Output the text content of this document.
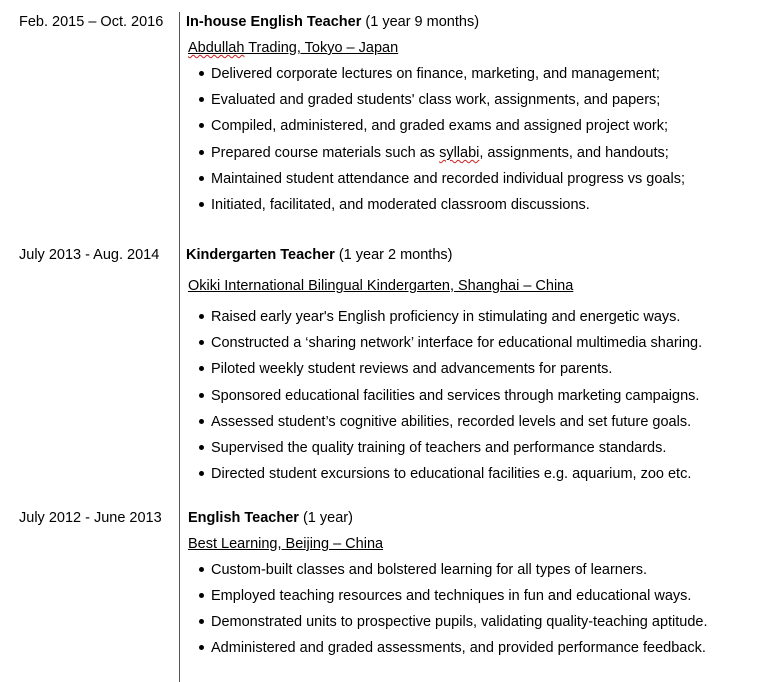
Feb. 2015 – Oct. 2016 In-house English Teacher (1 year 9 months)
Abdullah Trading, Tokyo – Japan
Delivered corporate lectures on finance, marketing, and management;
Evaluated and graded students' class work, assignments, and papers;
Compiled, administered, and graded exams and assigned project work;
Prepared course materials such as syllabi, assignments, and handouts;
Maintained student attendance and recorded individual progress vs goals;
Initiated, facilitated, and moderated classroom discussions.
July 2013 - Aug. 2014 Kindergarten Teacher (1 year 2 months)
Okiki International Bilingual Kindergarten, Shanghai – China
Raised early year's English proficiency in stimulating and energetic ways.
Constructed a ‘sharing network’ interface for educational multimedia sharing.
Piloted weekly student reviews and advancements for parents.
Sponsored educational facilities and services through marketing campaigns.
Assessed student’s cognitive abilities, recorded levels and set future goals.
Supervised the quality training of teachers and performance standards.
Directed student excursions to educational facilities e.g. aquarium, zoo etc.
July 2012 - June 2013 English Teacher (1 year)
Best Learning, Beijing – China
Custom-built classes and bolstered learning for all types of learners.
Employed teaching resources and techniques in fun and educational ways.
Demonstrated units to prospective pupils, validating quality-teaching aptitude.
Administered and graded assessments, and provided performance feedback.
